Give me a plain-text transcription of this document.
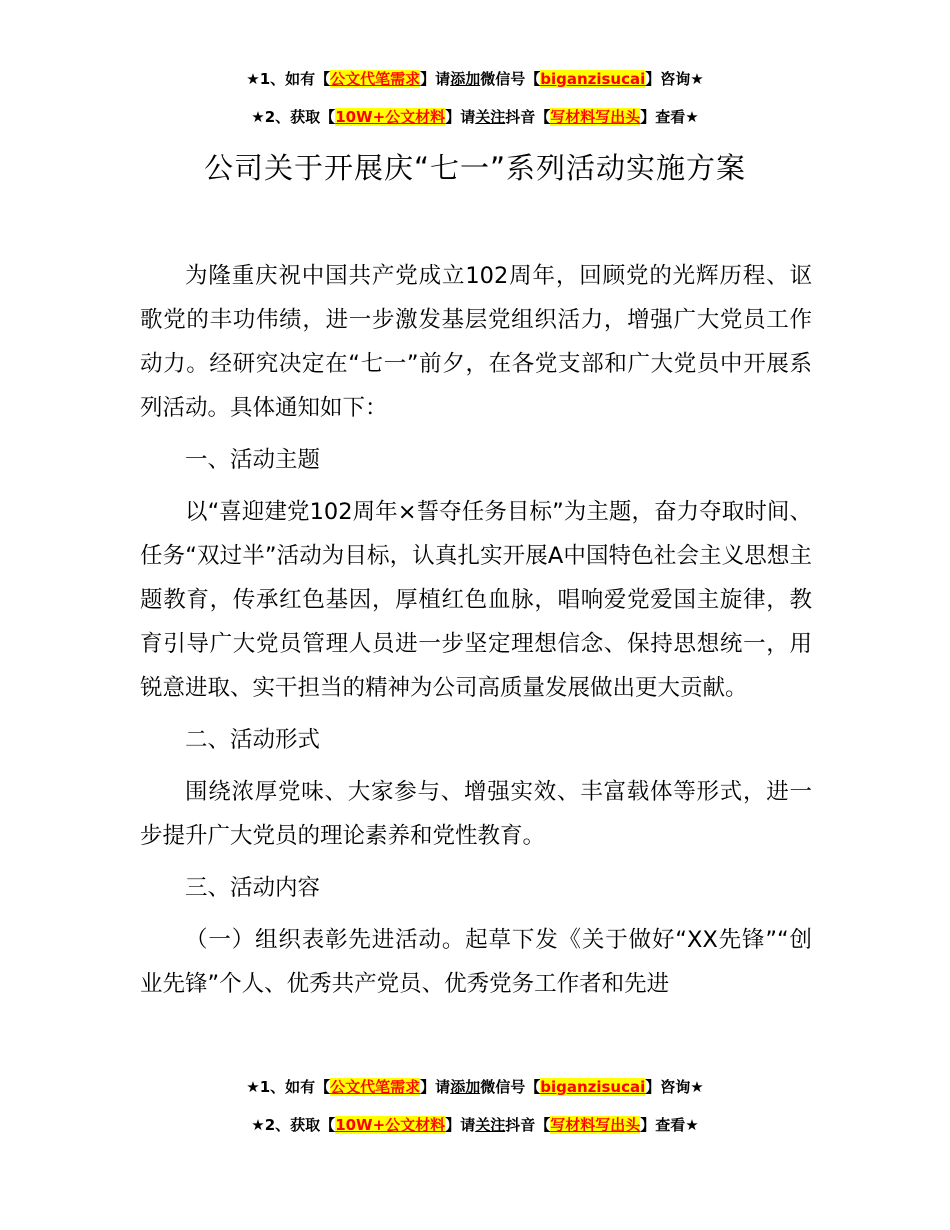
★1、如有【公文代笔需求】请添加微信号【biganzisucai】咨询★
★2、获取【10W+公文材料】请关注抖音【写材料写出头】查看★
公司关于开展庆“七一”系列活动实施方案

为隆重庆祝中国共产党成立102周年，回顾党的光辉历程、讴歌党的丰功伟绩，进一步激发基层党组织活力，增强广大党员工作动力。经研究决定在“七一”前夕，在各党支部和广大党员中开展系列活动。具体通知如下：

一、活动主题

以“喜迎建党102周年×誓夺任务目标”为主题，奋力夺取时间、任务“双过半”活动为目标，认真扎实开展A中国特色社会主义思想主题教育，传承红色基因，厚植红色血脉，唱响爱党爱国主旋律，教育引导广大党员管理人员进一步坚定理想信念、保持思想统一，用锐意进取、实干担当的精神为公司高质量发展做出更大贡献。

二、活动形式

围绕浓厚党味、大家参与、增强实效、丰富载体等形式，进一步提升广大党员的理论素养和党性教育。

三、活动内容

（一）组织表彰先进活动。起草下发《关于做好“XX先锋”“创业先锋”个人、优秀共产党员、优秀党务工作者和先进

★1、如有【公文代笔需求】请添加微信号【biganzisucai】咨询★
★2、获取【10W+公文材料】请关注抖音【写材料写出头】查看★
